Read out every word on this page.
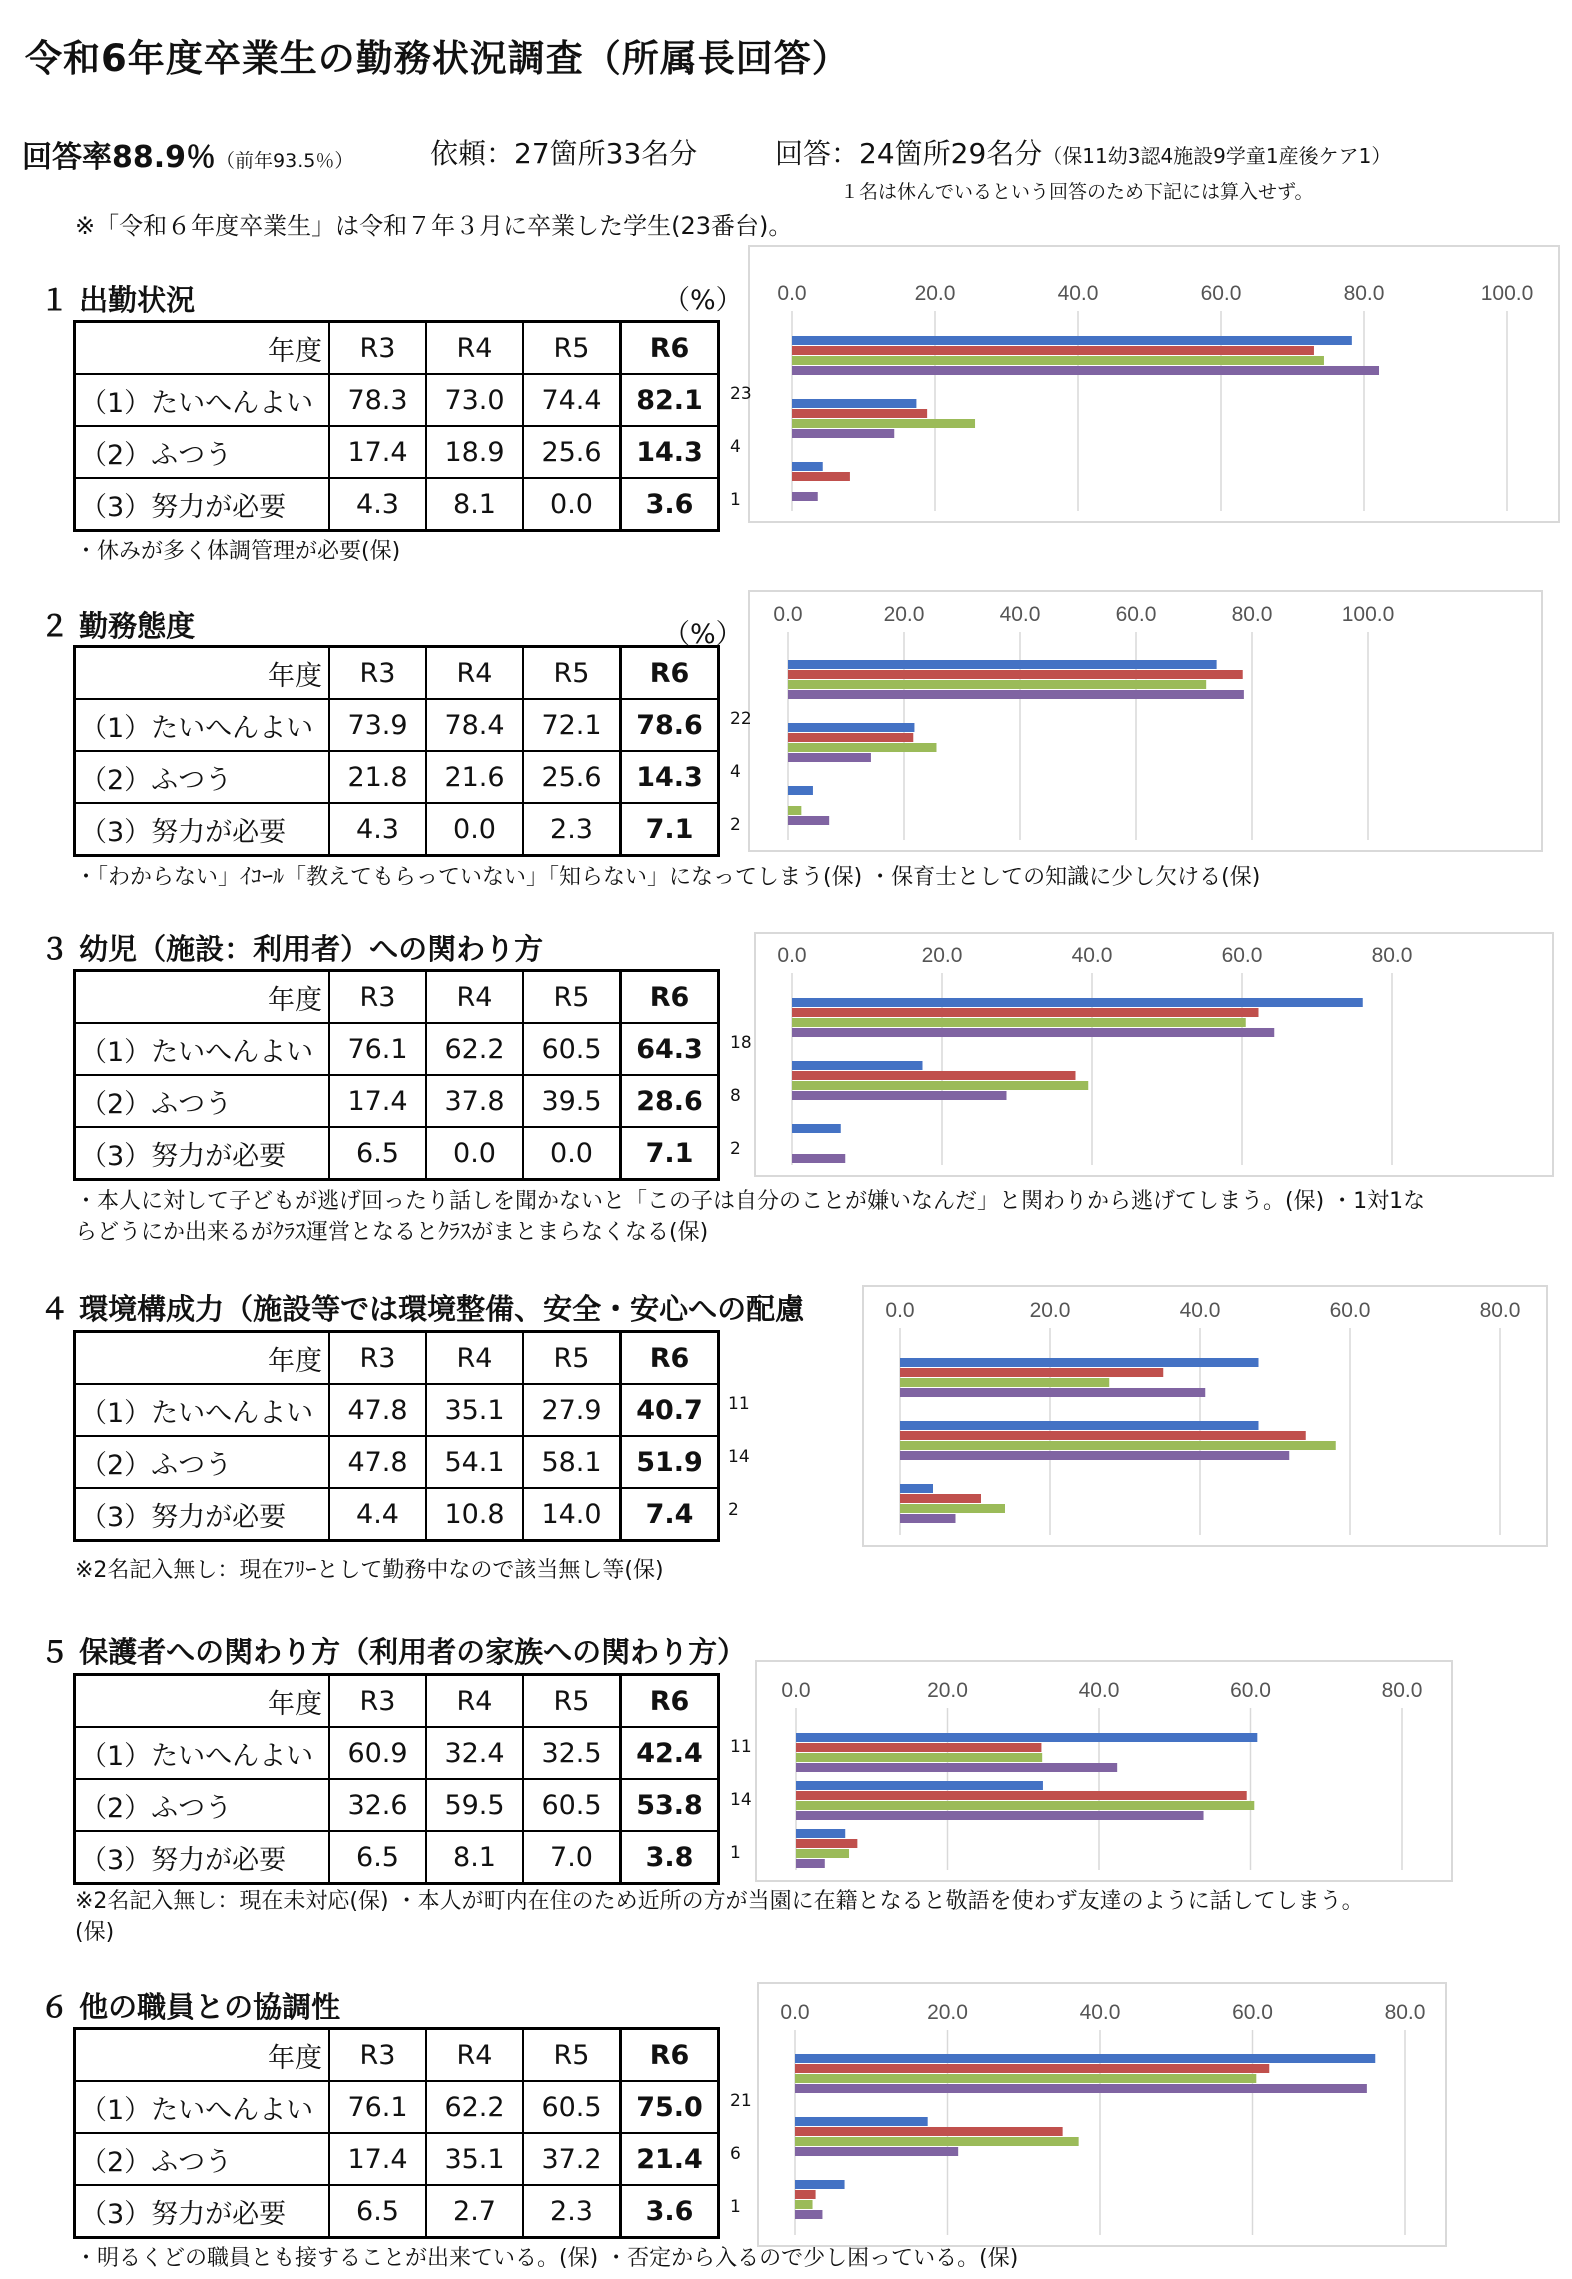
令和6年度卒業生の勤務状況調査（所属長回答）
回答率88.9％（前年93.5％）	依頼：27箇所33名分	回答：24箇所29名分（保11幼3認4施設9学童1産後ケア1）
１名は休んでいるという回答のため下記には算入せず。
※「令和６年度卒業生」は令和７年３月に卒業した学生(23番台)。
１ 出勤状況	（%）
年度	R3	R4	R5	R6
（1）たいへんよい	78.3	73.0	74.4	82.1
（2）ふつう	17.4	18.9	25.6	14.3
（3）努力が必要	4.3	8.1	0.0	3.6
・休みが多く体調管理が必要(保)
0.0	20.0	40.0	60.0	80.0	100.0
23
4
1
２ 勤務態度	（%）
年度	R3	R4	R5	R6
（1）たいへんよい	73.9	78.4	72.1	78.6
（2）ふつう	21.8	21.6	25.6	14.3
（3）努力が必要	4.3	0.0	2.3	7.1
・「わからない」ｲｺｰﾙ「教えてもらっていない」「知らない」になってしまう(保) ・保育士としての知識に少し欠ける(保)
0.0	20.0	40.0	60.0	80.0	100.0
22
4
2
３ 幼児（施設：利用者）への関わり方
年度	R3	R4	R5	R6
（1）たいへんよい	76.1	62.2	60.5	64.3
（2）ふつう	17.4	37.8	39.5	28.6
（3）努力が必要	6.5	0.0	0.0	7.1
・本人に対して子どもが逃げ回ったり話しを聞かないと「この子は自分のことが嫌いなんだ」と関わりから逃げてしまう。(保) ・1対1な
らどうにか出来るがｸﾗｽ運営となるとｸﾗｽがまとまらなくなる(保)
0.0	20.0	40.0	60.0	80.0
18
8
2
４ 環境構成力（施設等では環境整備、安全・安心への配慮
年度	R3	R4	R5	R6
（1）たいへんよい	47.8	35.1	27.9	40.7
（2）ふつう	47.8	54.1	58.1	51.9
（3）努力が必要	4.4	10.8	14.0	7.4
※2名記入無し：現在ﾌﾘｰとして勤務中なので該当無し等(保)
0.0	20.0	40.0	60.0	80.0
11
14
2
５ 保護者への関わり方（利用者の家族への関わり方）
年度	R3	R4	R5	R6
（1）たいへんよい	60.9	32.4	32.5	42.4
（2）ふつう	32.6	59.5	60.5	53.8
（3）努力が必要	6.5	8.1	7.0	3.8
※2名記入無し：現在未対応(保) ・本人が町内在住のため近所の方が当園に在籍となると敬語を使わず友達のように話してしまう。
(保)
0.0	20.0	40.0	60.0	80.0
11
14
1
６ 他の職員との協調性
年度	R3	R4	R5	R6
（1）たいへんよい	76.1	62.2	60.5	75.0
（2）ふつう	17.4	35.1	37.2	21.4
（3）努力が必要	6.5	2.7	2.3	3.6
・明るくどの職員とも接することが出来ている。(保) ・否定から入るので少し困っている。(保)
0.0	20.0	40.0	60.0	80.0
21
6
1
